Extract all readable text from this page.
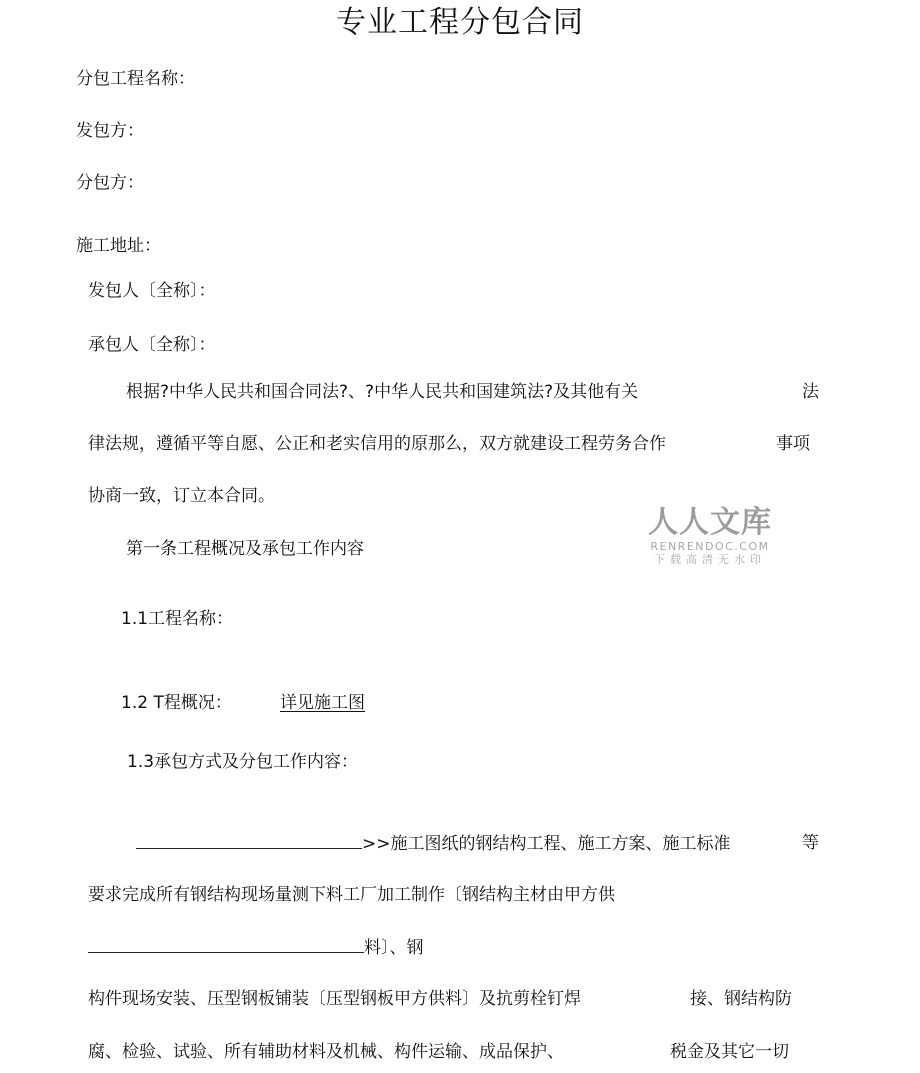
专业工程分包合同
分包工程名称：
发包方：
分包方：
施工地址：
发包人〔全称〕：
承包人〔全称〕：
根据?中华人民共和国合同法?、?中华人民共和国建筑法?及其他有关	法
律法规，遵循平等自愿、公正和老实信用的原那么，双方就建设工程劳务合作	事项
协商一致，订立本合同。
第一条工程概况及承包工作内容
1.1工程名称：
1.2 T程概况：	详见施工图
1.3承包方式及分包工作内容：
>>施工图纸的钢结构工程、施工方案、施工标准	等
要求完成所有钢结构现场量测下料工厂加工制作〔钢结构主材由甲方供
料〕、钢
构件现场安装、压型钢板铺装〔压型钢板甲方供料〕及抗剪栓钉焊	接、钢结构防
腐、检验、试验、所有辅助材料及机械、构件运输、成品保护、	税金及其它一切
人人文库
RENRENDOC.COM
下载高清无水印
